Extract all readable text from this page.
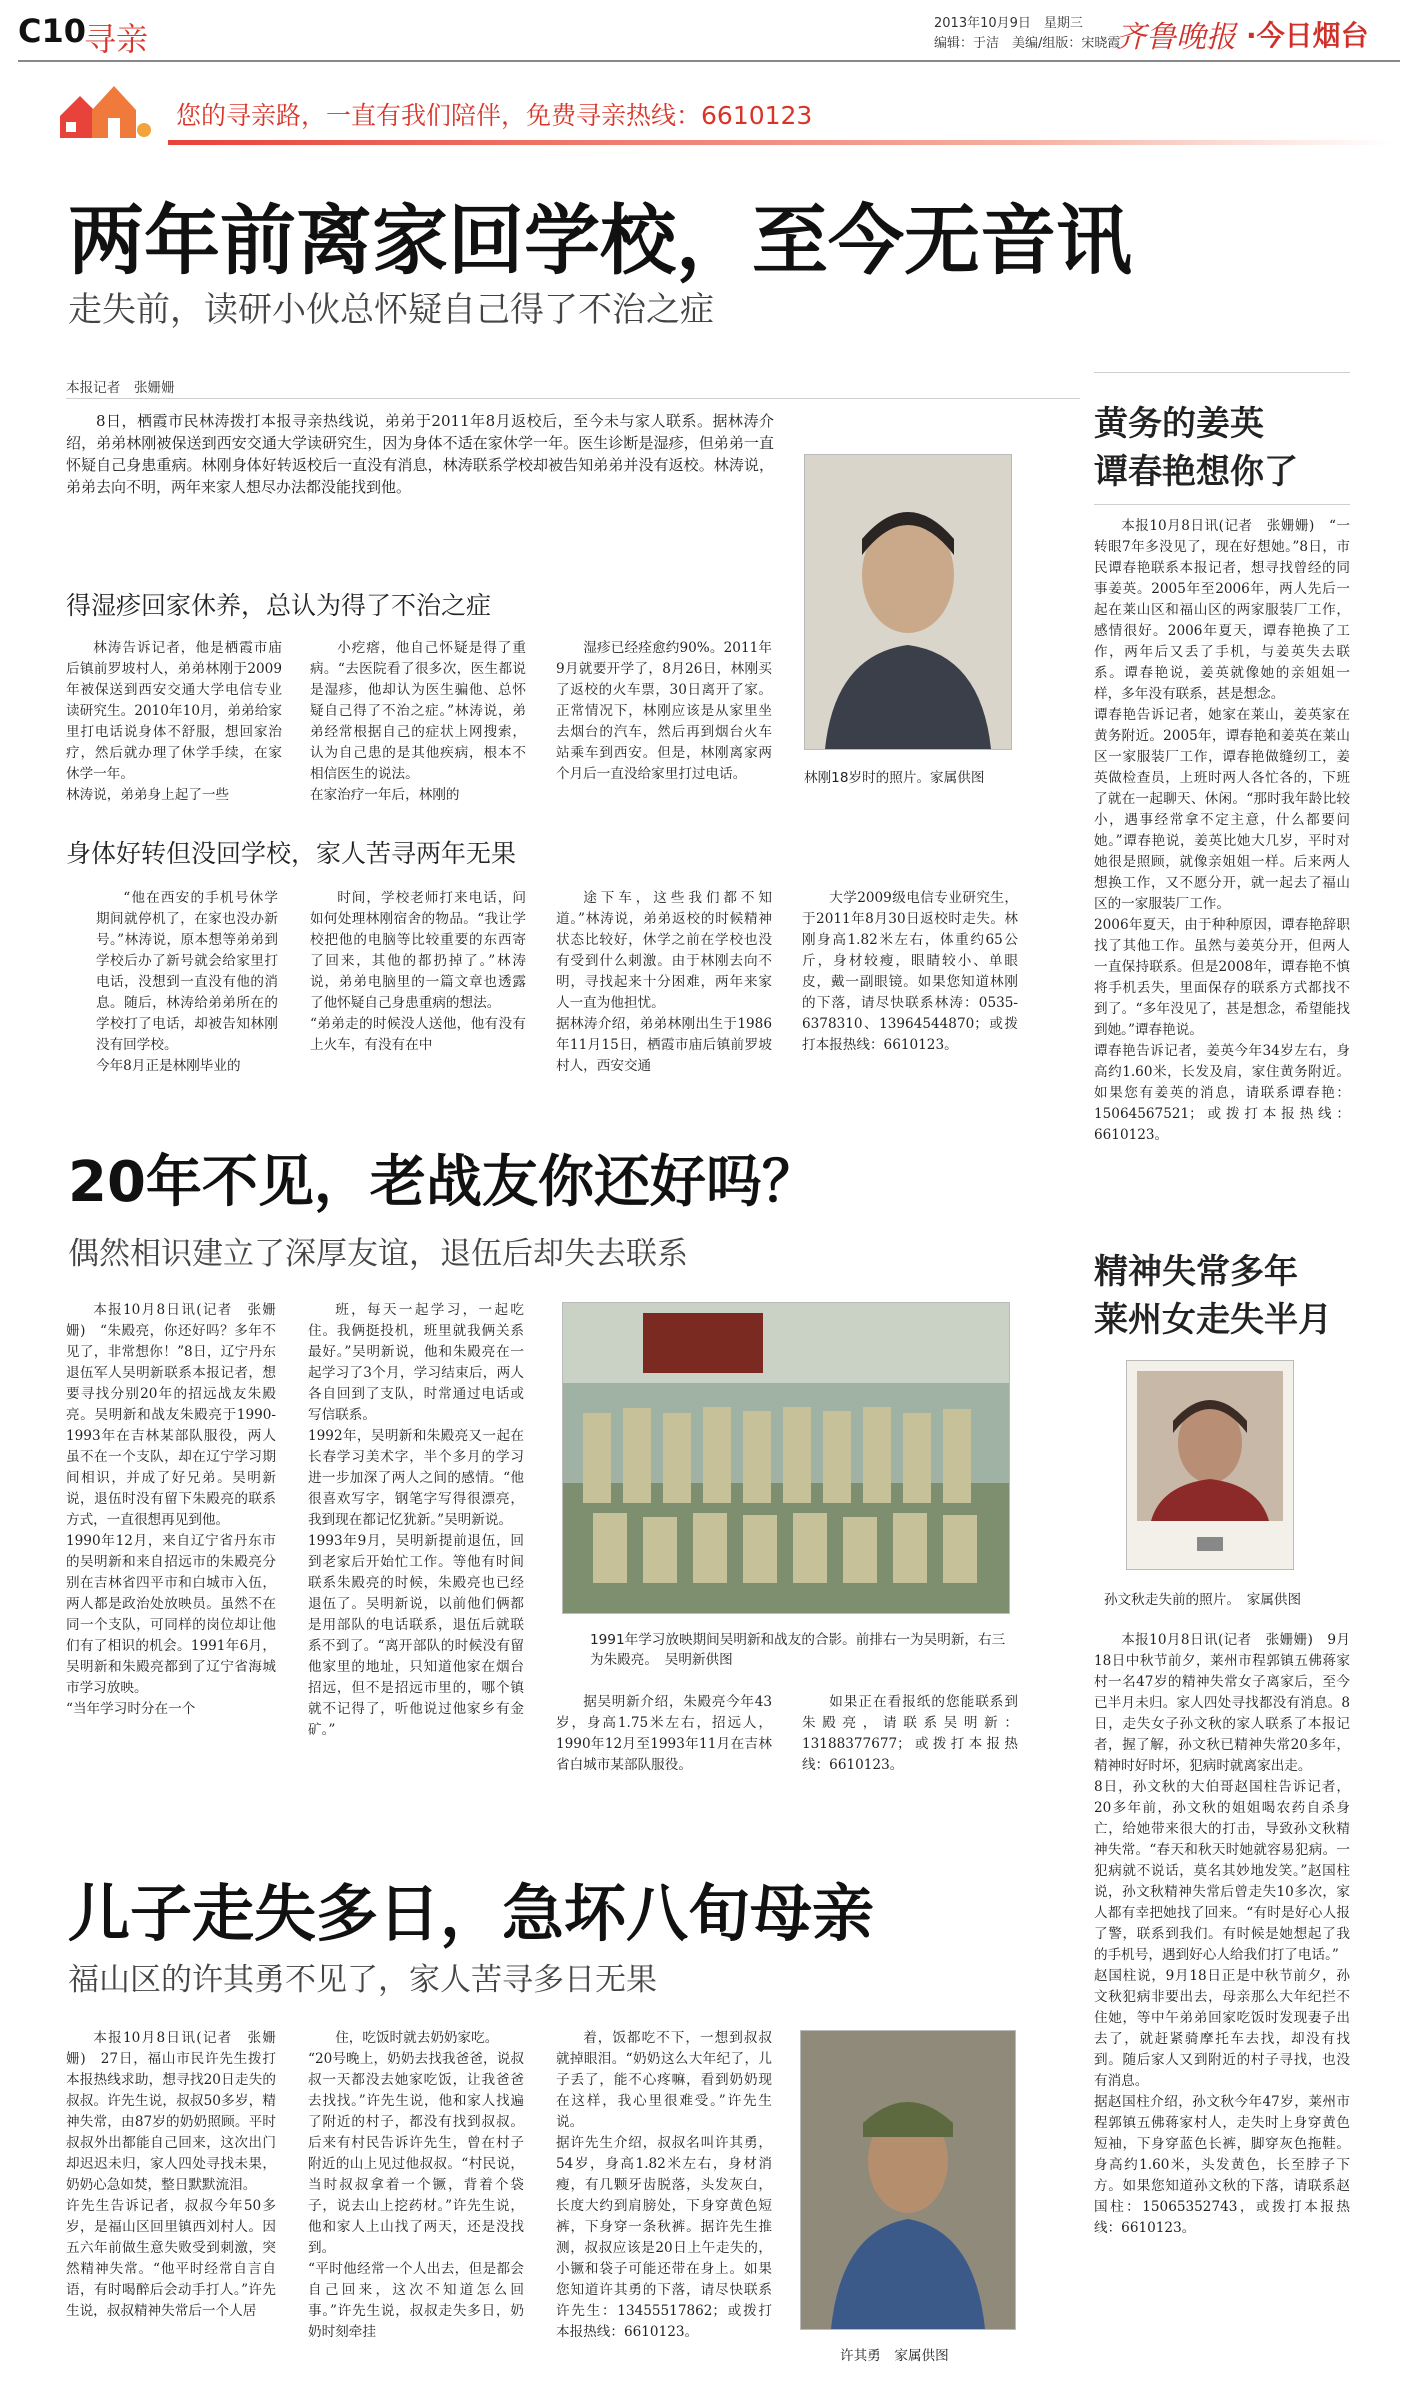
C10
寻亲	2013年10月9日　星期三
编辑：于洁　美编/组版：宋晓霞
齐鲁晚报 ·今日烟台
您的寻亲路，一直有我们陪伴，免费寻亲热线：6610123
两年前离家回学校，至今无音讯
走失前，读研小伙总怀疑自己得了不治之症
本报记者　张姗姗

8日，栖霞市民林涛拨打本报寻亲热线说，弟弟于2011年8月返校后，至今未与家人联系。据林涛介绍，弟弟林刚被保送到西安交通大学读研究生，因为身体不适在家休学一年。医生诊断是湿疹，但弟弟一直怀疑自己身患重病。林刚身体好转返校后一直没有消息，林涛联系学校却被告知弟弟并没有返校。林涛说，弟弟去向不明，两年来家人想尽办法都没能找到他。

林刚18岁时的照片。家属供图
得湿疹回家休养，总认为得了不治之症

林涛告诉记者，他是栖霞市庙后镇前罗坡村人，弟弟林刚于2009年被保送到西安交通大学电信专业读研究生。2010年10月，弟弟给家里打电话说身体不舒服，想回家治疗，然后就办理了休学手续，在家休学一年。
林涛说，弟弟身上起了一些

小疙瘩，他自己怀疑是得了重病。“去医院看了很多次，医生都说是湿疹，他却认为医生骗他、总怀疑自己得了不治之症。”林涛说，弟弟经常根据自己的症状上网搜索，认为自己患的是其他疾病，根本不相信医生的说法。
在家治疗一年后，林刚的

湿疹已经痊愈约90%。2011年9月就要开学了，8月26日，林刚买了返校的火车票，30日离开了家。正常情况下，林刚应该是从家里坐去烟台的汽车，然后再到烟台火车站乘车到西安。但是，林刚离家两个月后一直没给家里打过电话。

身体好转但没回学校，家人苦寻两年无果

“他在西安的手机号休学期间就停机了，在家也没办新号。”林涛说，原本想等弟弟到学校后办了新号就会给家里打电话，没想到一直没有他的消息。随后，林涛给弟弟所在的学校打了电话，却被告知林刚没有回学校。
今年8月正是林刚毕业的

时间，学校老师打来电话，问如何处理林刚宿舍的物品。“我让学校把他的电脑等比较重要的东西寄了回来，其他的都扔掉了。”林涛说，弟弟电脑里的一篇文章也透露了他怀疑自己身患重病的想法。
“弟弟走的时候没人送他，他有没有上火车，有没有在中

途下车，这些我们都不知道。”林涛说，弟弟返校的时候精神状态比较好，休学之前在学校也没有受到什么刺激。由于林刚去向不明，寻找起来十分困难，两年来家人一直为他担忧。
据林涛介绍，弟弟林刚出生于1986年11月15日，栖霞市庙后镇前罗坡村人，西安交通

大学2009级电信专业研究生，于2011年8月30日返校时走失。林刚身高1.82米左右，体重约65公斤，身材较瘦，眼睛较小、单眼皮，戴一副眼镜。如果您知道林刚的下落，请尽快联系林涛：0535-6378310、13964544870；或拨打本报热线：6610123。

20年不见，老战友你还好吗？
偶然相识建立了深厚友谊，退伍后却失去联系

本报10月8日讯(记者　张姗姗)　“朱殿亮，你还好吗？多年不见了，非常想你！”8日，辽宁丹东退伍军人吴明新联系本报记者，想要寻找分别20年的招远战友朱殿亮。吴明新和战友朱殿亮于1990-1993年在吉林某部队服役，两人虽不在一个支队，却在辽宁学习期间相识，并成了好兄弟。吴明新说，退伍时没有留下朱殿亮的联系方式，一直很想再见到他。
1990年12月，来自辽宁省丹东市的吴明新和来自招远市的朱殿亮分别在吉林省四平市和白城市入伍，两人都是政治处放映员。虽然不在同一个支队，可同样的岗位却让他们有了相识的机会。1991年6月，吴明新和朱殿亮都到了辽宁省海城市学习放映。
“当年学习时分在一个

班，每天一起学习，一起吃住。我俩挺投机，班里就我俩关系最好。”吴明新说，他和朱殿亮在一起学习了3个月，学习结束后，两人各自回到了支队，时常通过电话或写信联系。
1992年，吴明新和朱殿亮又一起在长春学习美术字，半个多月的学习进一步加深了两人之间的感情。“他很喜欢写字，钢笔字写得很漂亮，我到现在都记忆犹新。”吴明新说。
1993年9月，吴明新提前退伍，回到老家后开始忙工作。等他有时间联系朱殿亮的时候，朱殿亮也已经退伍了。吴明新说，以前他们俩都是用部队的电话联系，退伍后就联系不到了。“离开部队的时候没有留他家里的地址，只知道他家在烟台招远，但不是招远市里的，哪个镇就不记得了，听他说过他家乡有金矿。”

1991年学习放映期间吴明新和战友的合影。前排右一为吴明新，右三为朱殿亮。　吴明新供图

据吴明新介绍，朱殿亮今年43岁，身高1.75米左右，招远人，1990年12月至1993年11月在吉林省白城市某部队服役。

如果正在看报纸的您能联系到朱殿亮，请联系吴明新：13188377677；或拨打本报热线：6610123。

儿子走失多日，急坏八旬母亲
福山区的许其勇不见了，家人苦寻多日无果

本报10月8日讯(记者　张姗姗)　27日，福山市民许先生拨打本报热线求助，想寻找20日走失的叔叔。许先生说，叔叔50多岁，精神失常，由87岁的奶奶照顾。平时叔叔外出都能自己回来，这次出门却迟迟未归，家人四处寻找未果，奶奶心急如焚，整日默默流泪。
许先生告诉记者，叔叔今年50多岁，是福山区回里镇西刘村人。因五六年前做生意失败受到刺激，突然精神失常。“他平时经常自言自语，有时喝醉后会动手打人。”许先生说，叔叔精神失常后一个人居

住，吃饭时就去奶奶家吃。
“20号晚上，奶奶去找我爸爸，说叔叔一天都没去她家吃饭，让我爸爸去找找。”许先生说，他和家人找遍了附近的村子，都没有找到叔叔。后来有村民告诉许先生，曾在村子附近的山上见过他叔叔。“村民说，当时叔叔拿着一个镢，背着个袋子，说去山上挖药材。”许先生说，他和家人上山找了两天，还是没找到。
“平时他经常一个人出去，但是都会自己回来，这次不知道怎么回事。”许先生说，叔叔走失多日，奶奶时刻牵挂

着，饭都吃不下，一想到叔叔就掉眼泪。“奶奶这么大年纪了，儿子丢了，能不心疼嘛，看到奶奶现在这样，我心里很难受。”许先生说。
据许先生介绍，叔叔名叫许其勇，54岁，身高1.82米左右，身材消瘦，有几颗牙齿脱落，头发灰白，长度大约到肩膀处，下身穿黄色短裤，下身穿一条秋裤。据许先生推测，叔叔应该是20日上午走失的，小镢和袋子可能还带在身上。如果您知道许其勇的下落，请尽快联系许先生：13455517862；或拨打本报热线：6610123。

许其勇　家属供图
黄务的姜英
谭春艳想你了

本报10月8日讯(记者　张姗姗)　“一转眼7年多没见了，现在好想她。”8日，市民谭春艳联系本报记者，想寻找曾经的同事姜英。2005年至2006年，两人先后一起在莱山区和福山区的两家服装厂工作，感情很好。2006年夏天，谭春艳换了工作，两年后又丢了手机，与姜英失去联系。谭春艳说，姜英就像她的亲姐姐一样，多年没有联系，甚是想念。
谭春艳告诉记者，她家在莱山，姜英家在黄务附近。2005年，谭春艳和姜英在莱山区一家服装厂工作，谭春艳做缝纫工，姜英做检查员，上班时两人各忙各的，下班了就在一起聊天、休闲。“那时我年龄比较小，遇事经常拿不定主意，什么都要问她。”谭春艳说，姜英比她大几岁，平时对她很是照顾，就像亲姐姐一样。后来两人想换工作，又不愿分开，就一起去了福山区的一家服装厂工作。
2006年夏天，由于种种原因，谭春艳辞职找了其他工作。虽然与姜英分开，但两人一直保持联系。但是2008年，谭春艳不慎将手机丢失，里面保存的联系方式都找不到了。“多年没见了，甚是想念，希望能找到她。”谭春艳说。
谭春艳告诉记者，姜英今年34岁左右，身高约1.60米，长发及肩，家住黄务附近。如果您有姜英的消息，请联系谭春艳：15064567521；或拨打本报热线：6610123。

精神失常多年
莱州女走失半月
孙文秋走失前的照片。　家属供图

本报10月8日讯(记者　张姗姗)　9月18日中秋节前夕，莱州市程郭镇五佛蒋家村一名47岁的精神失常女子离家后，至今已半月未归。家人四处寻找都没有消息。8日，走失女子孙文秋的家人联系了本报记者，握了解，孙文秋已精神失常20多年，精神时好时坏，犯病时就离家出走。
8日，孙文秋的大伯哥赵国柱告诉记者，20多年前，孙文秋的姐姐喝农药自杀身亡，给她带来很大的打击，导致孙文秋精神失常。“春天和秋天时她就容易犯病。一犯病就不说话，莫名其妙地发笑。”赵国柱说，孙文秋精神失常后曾走失10多次，家人都有幸把她找了回来。“有时是好心人报了警，联系到我们。有时候是她想起了我的手机号，遇到好心人给我们打了电话。”
赵国柱说，9月18日正是中秋节前夕，孙文秋犯病非要出去，母亲那么大年纪拦不住她，等中午弟弟回家吃饭时发现妻子出去了，就赶紧骑摩托车去找，却没有找到。随后家人又到附近的村子寻找，也没有消息。
据赵国柱介绍，孙文秋今年47岁，莱州市程郭镇五佛蒋家村人，走失时上身穿黄色短袖，下身穿蓝色长裤，脚穿灰色拖鞋。身高约1.60米，头发黄色，长至脖子下方。如果您知道孙文秋的下落，请联系赵国柱：15065352743，或拨打本报热线：6610123。
